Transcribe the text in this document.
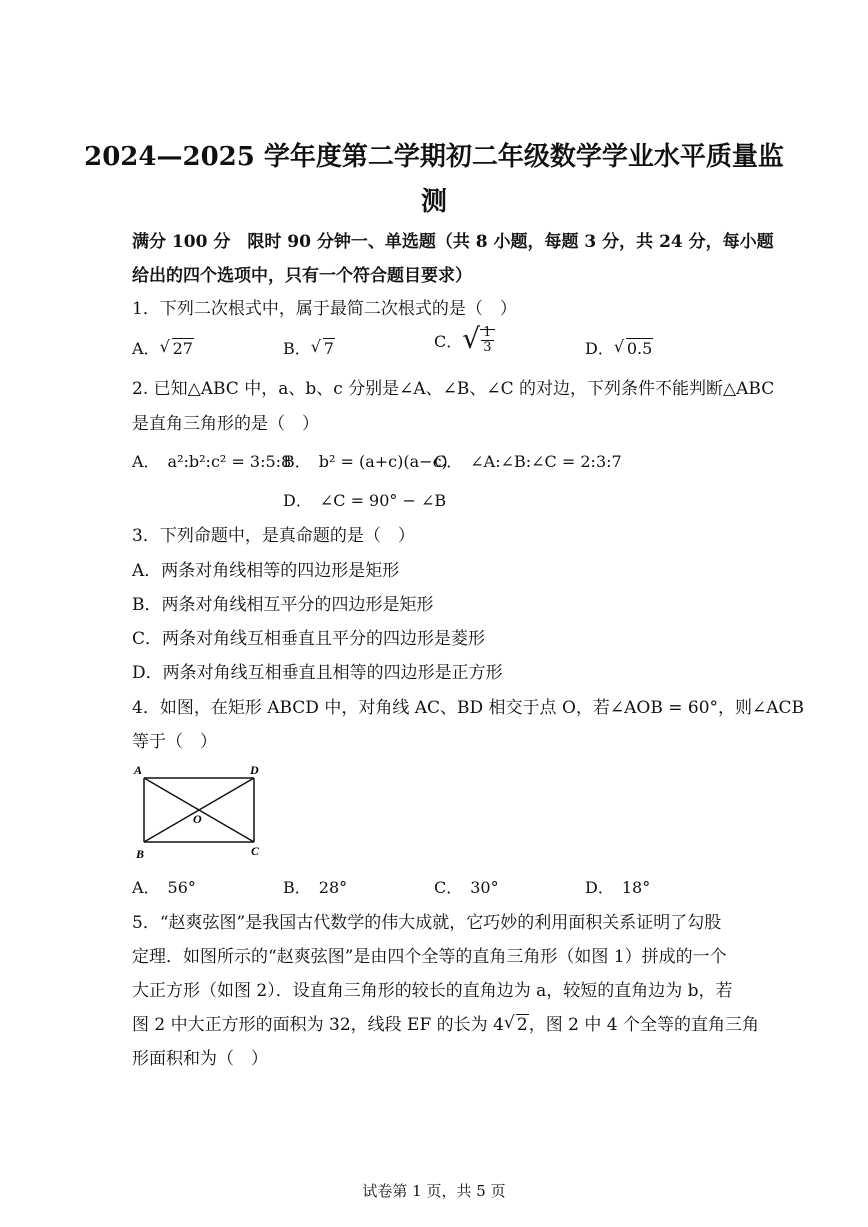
2024—2025 学年度第二学期初二年级数学学业水平质量监
测
满分 100 分　限时 90 分钟一、单选题（共 8 小题，每题 3 分，共 24 分，每小题
给出的四个选项中，只有一个符合题目要求）
1．下列二次根式中，属于最简二次根式的是（　）
A． √ 27	B． √ 7	C． √ $\frac{1}{3}$	D． √ 0.5
2. 已知△ABC 中，a、b、c 分别是∠A、∠B、∠C 的对边，下列条件不能判断△ABC
是直角三角形的是（　）
A．　a²:b²:c² = 3:5:8
B．　b² = (a+c)(a−c)
C．　∠A:∠B:∠C = 2:3:7
D．　∠C = 90° − ∠B
3．下列命题中，是真命题的是（　）
A．两条对角线相等的四边形是矩形
B．两条对角线相互平分的四边形是矩形
C．两条对角线互相垂直且平分的四边形是菱形
D．两条对角线互相垂直且相等的四边形是正方形
4．如图，在矩形 ABCD 中，对角线 AC、BD 相交于点 O，若∠AOB = 60°，则∠ACB
等于（　）
A	D
B	C
O
A．　56°	B．　28°	C．　30°	D．　18°
5．“赵爽弦图”是我国古代数学的伟大成就，它巧妙的利用面积关系证明了勾股
定理．如图所示的“赵爽弦图”是由四个全等的直角三角形（如图 1）拼成的一个
大正方形（如图 2）．设直角三角形的较长的直角边为 a，较短的直角边为 b，若
图 2 中大正方形的面积为 32，线段 EF 的长为 4 √ 2，图 2 中 4 个全等的直角三角
形面积和为（　）
试卷第 1 页，共 5 页
